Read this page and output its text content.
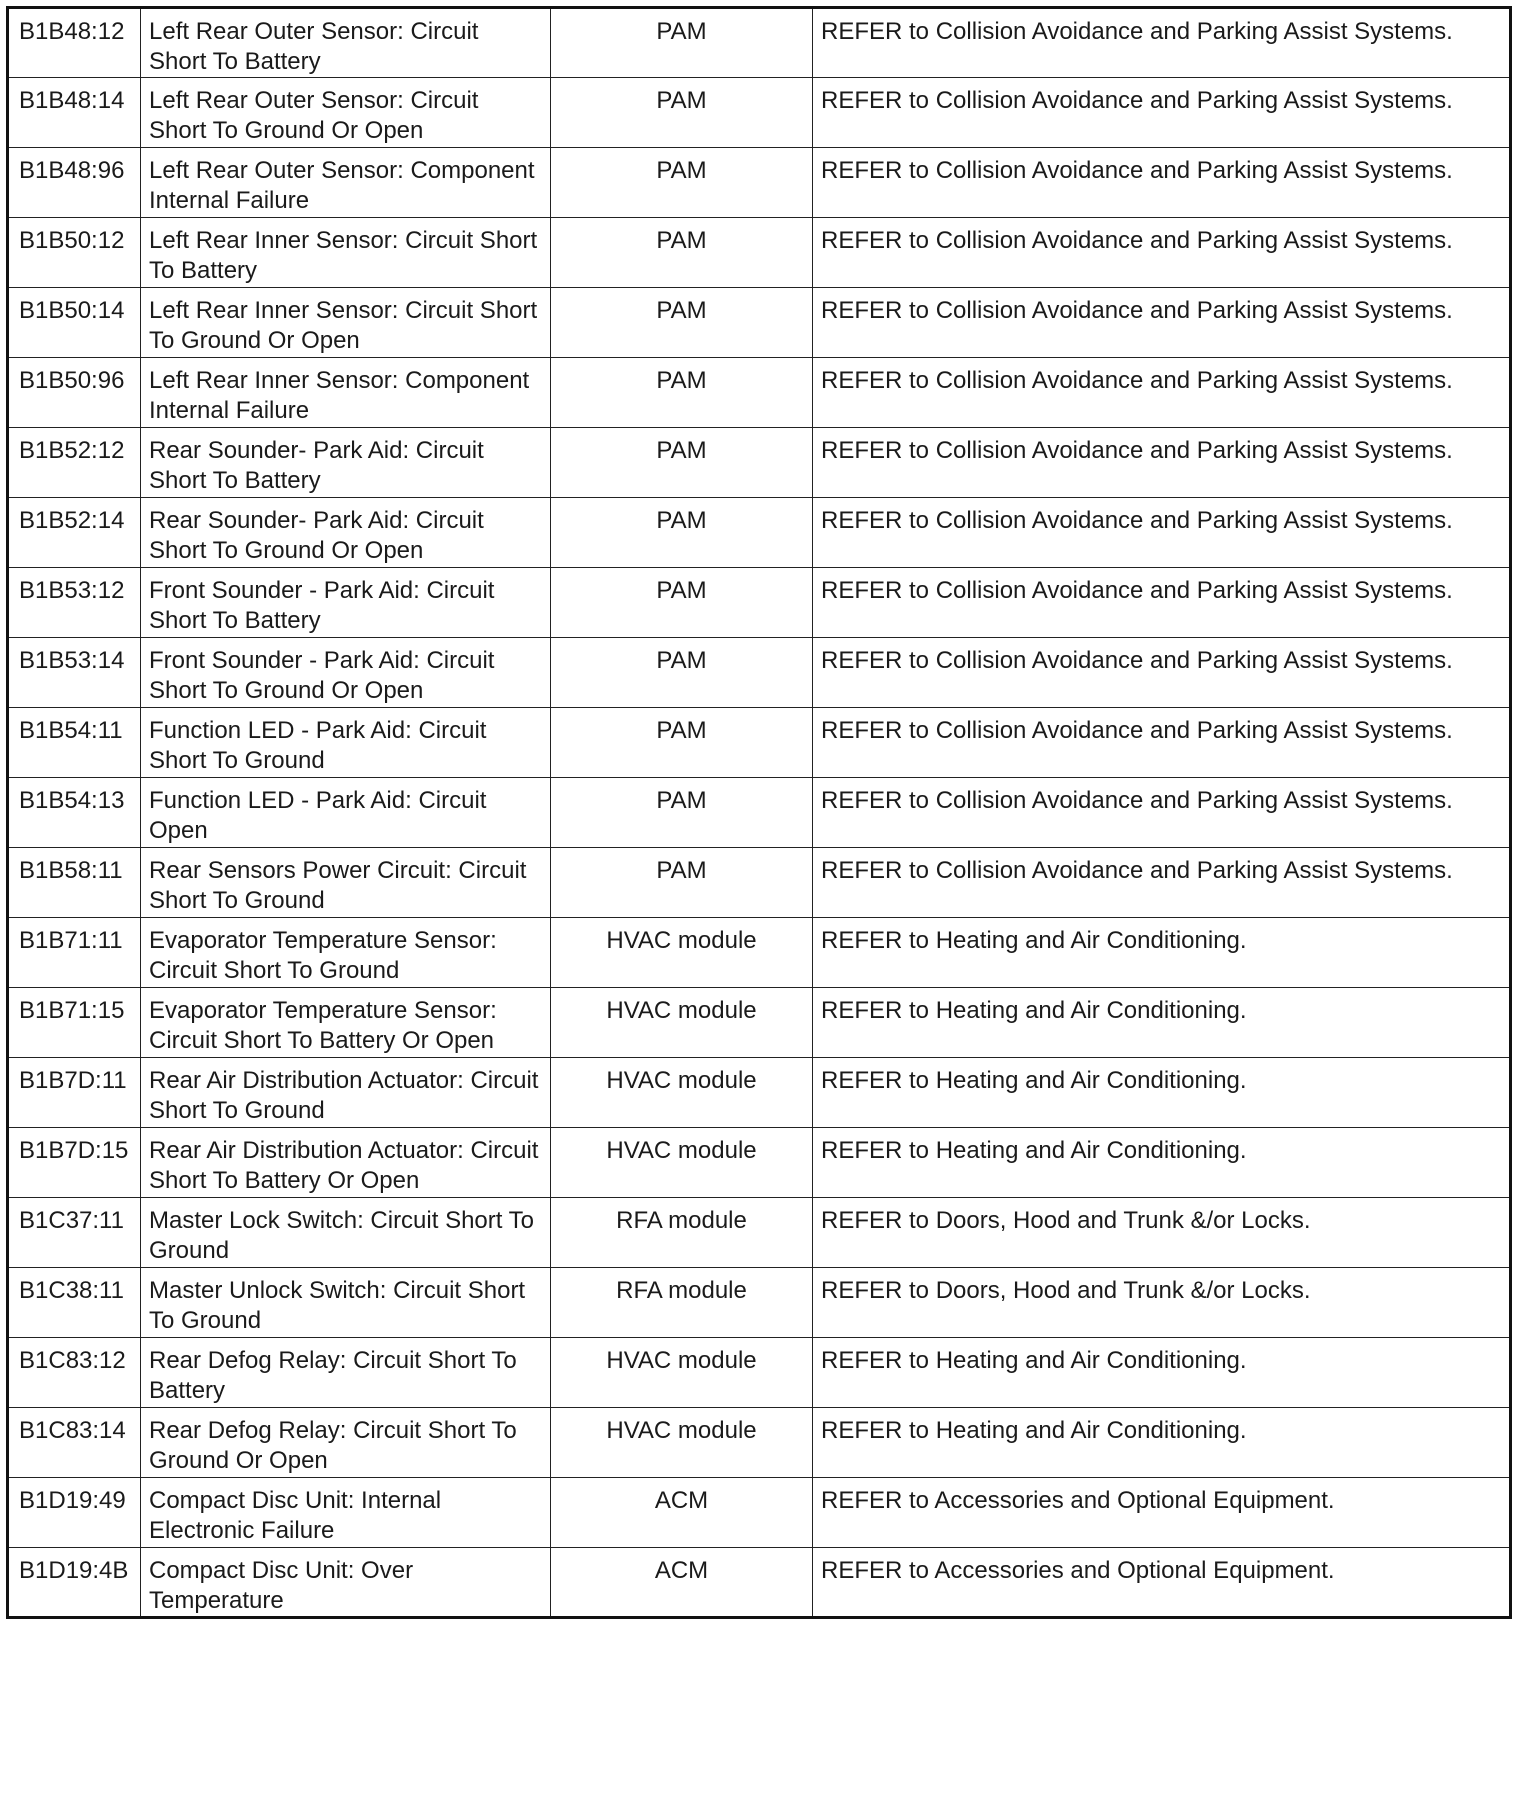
B1B48:12	Left Rear Outer Sensor: Circuit Short To Battery	PAM	REFER to Collision Avoidance and Parking Assist Systems.
B1B48:14	Left Rear Outer Sensor: Circuit Short To Ground Or Open	PAM	REFER to Collision Avoidance and Parking Assist Systems.
B1B48:96	Left Rear Outer Sensor: Component Internal Failure	PAM	REFER to Collision Avoidance and Parking Assist Systems.
B1B50:12	Left Rear Inner Sensor: Circuit Short To Battery	PAM	REFER to Collision Avoidance and Parking Assist Systems.
B1B50:14	Left Rear Inner Sensor: Circuit Short To Ground Or Open	PAM	REFER to Collision Avoidance and Parking Assist Systems.
B1B50:96	Left Rear Inner Sensor: Component Internal Failure	PAM	REFER to Collision Avoidance and Parking Assist Systems.
B1B52:12	Rear Sounder- Park Aid: Circuit Short To Battery	PAM	REFER to Collision Avoidance and Parking Assist Systems.
B1B52:14	Rear Sounder- Park Aid: Circuit Short To Ground Or Open	PAM	REFER to Collision Avoidance and Parking Assist Systems.
B1B53:12	Front Sounder - Park Aid: Circuit Short To Battery	PAM	REFER to Collision Avoidance and Parking Assist Systems.
B1B53:14	Front Sounder - Park Aid: Circuit Short To Ground Or Open	PAM	REFER to Collision Avoidance and Parking Assist Systems.
B1B54:11	Function LED - Park Aid: Circuit Short To Ground	PAM	REFER to Collision Avoidance and Parking Assist Systems.
B1B54:13	Function LED - Park Aid: Circuit Open	PAM	REFER to Collision Avoidance and Parking Assist Systems.
B1B58:11	Rear Sensors Power Circuit: Circuit Short To Ground	PAM	REFER to Collision Avoidance and Parking Assist Systems.
B1B71:11	Evaporator Temperature Sensor: Circuit Short To Ground	HVAC module	REFER to Heating and Air Conditioning.
B1B71:15	Evaporator Temperature Sensor: Circuit Short To Battery Or Open	HVAC module	REFER to Heating and Air Conditioning.
B1B7D:11	Rear Air Distribution Actuator: Circuit Short To Ground	HVAC module	REFER to Heating and Air Conditioning.
B1B7D:15	Rear Air Distribution Actuator: Circuit Short To Battery Or Open	HVAC module	REFER to Heating and Air Conditioning.
B1C37:11	Master Lock Switch: Circuit Short To Ground	RFA module	REFER to Doors, Hood and Trunk &/or Locks.
B1C38:11	Master Unlock Switch: Circuit Short To Ground	RFA module	REFER to Doors, Hood and Trunk &/or Locks.
B1C83:12	Rear Defog Relay: Circuit Short To Battery	HVAC module	REFER to Heating and Air Conditioning.
B1C83:14	Rear Defog Relay: Circuit Short To Ground Or Open	HVAC module	REFER to Heating and Air Conditioning.
B1D19:49	Compact Disc Unit: Internal Electronic Failure	ACM	REFER to Accessories and Optional Equipment.
B1D19:4B	Compact Disc Unit: Over Temperature	ACM	REFER to Accessories and Optional Equipment.
